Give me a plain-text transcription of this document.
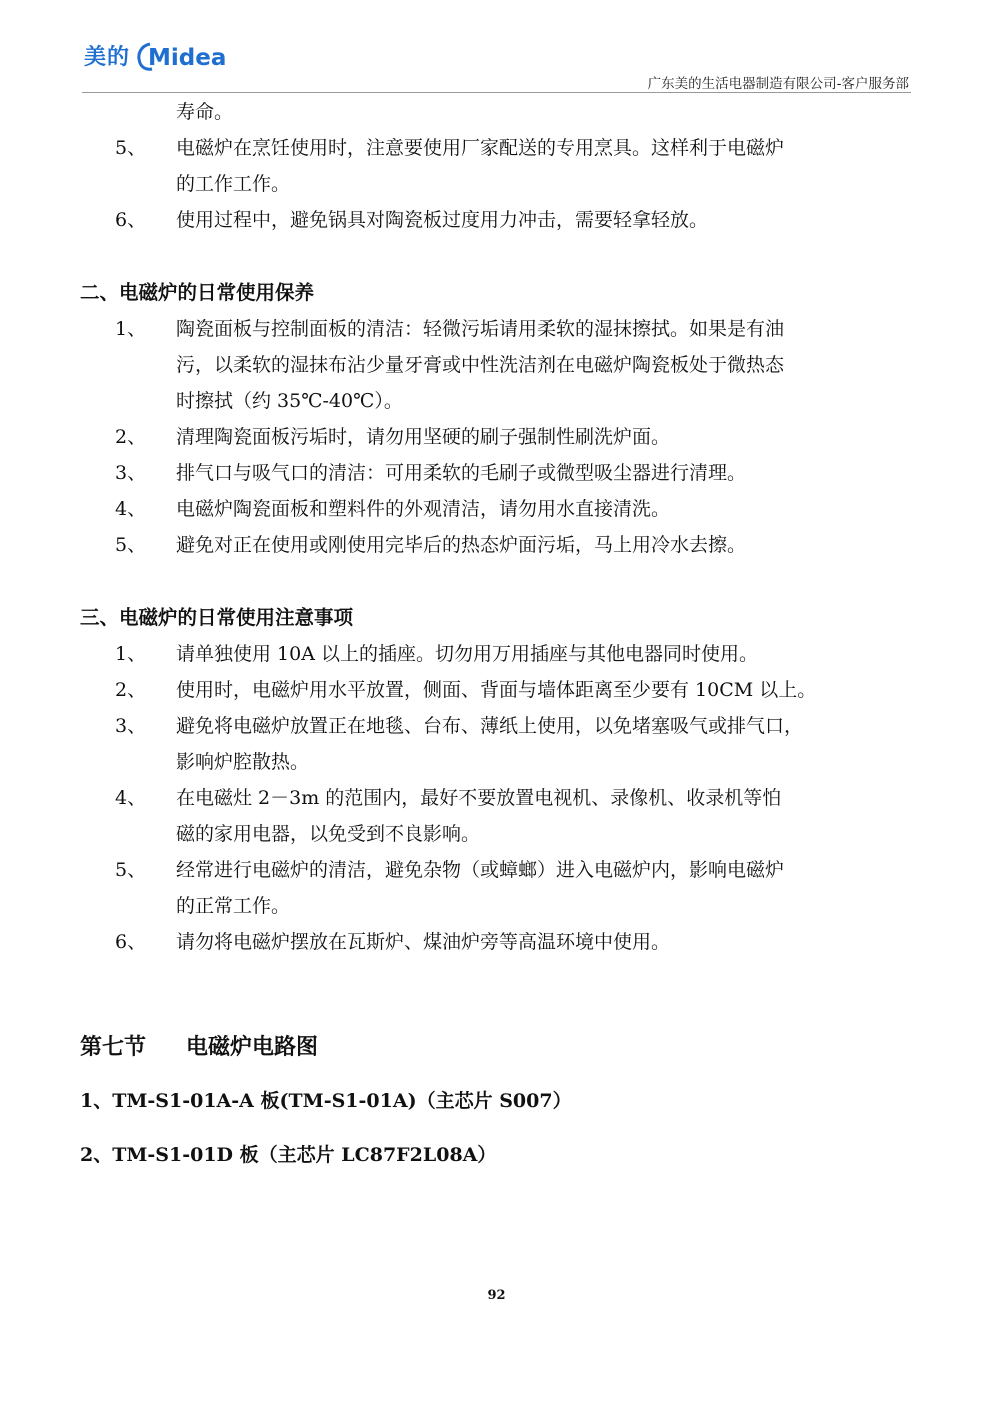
美的 Midea
广东美的生活电器制造有限公司-客户服务部
寿命。
5、	电磁炉在烹饪使用时，注意要使用厂家配送的专用烹具。这样利于电磁炉
的工作工作。
6、	使用过程中，避免锅具对陶瓷板过度用力冲击，需要轻拿轻放。
二、电磁炉的日常使用保养
1、	陶瓷面板与控制面板的清洁：轻微污垢请用柔软的湿抹擦拭。如果是有油
污，以柔软的湿抹布沾少量牙膏或中性洗洁剂在电磁炉陶瓷板处于微热态
时擦拭（约 35℃-40℃）。
2、	清理陶瓷面板污垢时，请勿用坚硬的刷子强制性刷洗炉面。
3、	排气口与吸气口的清洁：可用柔软的毛刷子或微型吸尘器进行清理。
4、	电磁炉陶瓷面板和塑料件的外观清洁，请勿用水直接清洗。
5、	避免对正在使用或刚使用完毕后的热态炉面污垢，马上用冷水去擦。
三、电磁炉的日常使用注意事项
1、	请单独使用 10A 以上的插座。切勿用万用插座与其他电器同时使用。
2、	使用时，电磁炉用水平放置，侧面、背面与墙体距离至少要有 10CM 以上。
3、	避免将电磁炉放置正在地毯、台布、薄纸上使用，以免堵塞吸气或排气口，
影响炉腔散热。
4、	在电磁灶 2－3m 的范围内，最好不要放置电视机、录像机、收录机等怕
磁的家用电器，以免受到不良影响。
5、	经常进行电磁炉的清洁，避免杂物（或蟑螂）进入电磁炉内，影响电磁炉
的正常工作。
6、	请勿将电磁炉摆放在瓦斯炉、煤油炉旁等高温环境中使用。
第七节 电磁炉电路图
1、TM-S1-01A-A 板(TM-S1-01A)（主芯片 S007）
2、TM-S1-01D 板（主芯片 LC87F2L08A）
92
